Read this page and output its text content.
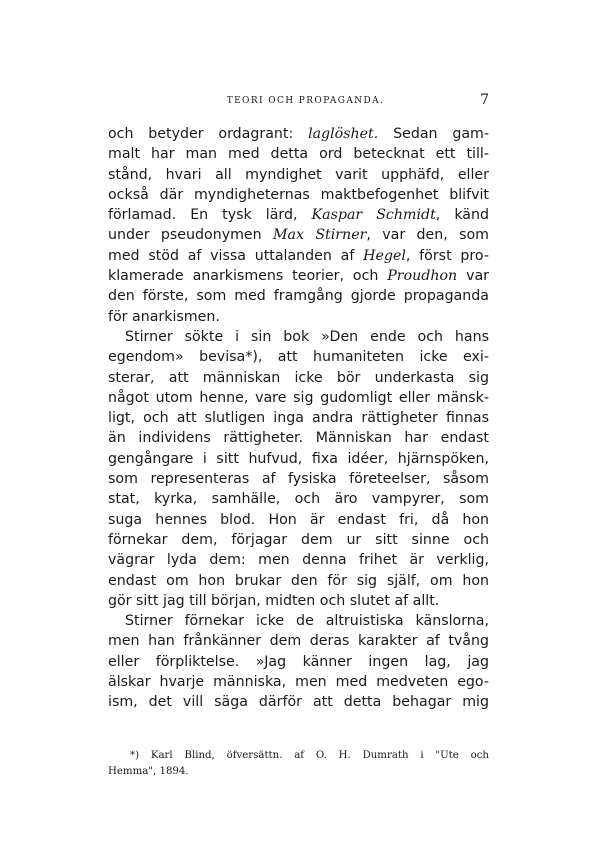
TEORI OCH PROPAGANDA.	7
och betyder ordagrant: laglöshet. Sedan gam-
malt har man med detta ord betecknat ett till-
stånd, hvari all myndighet varit upphäfd, eller
också där myndigheternas maktbefogenhet blifvit
förlamad. En tysk lärd, Kaspar Schmidt, känd
under pseudonymen Max Stirner, var den, som
med stöd af vissa uttalanden af Hegel, först pro-
klamerade anarkismens teorier, och Proudhon var
den förste, som med framgång gjorde propaganda
för anarkismen.
Stirner sökte i sin bok »Den ende och hans
egendom» bevisa*), att humaniteten icke exi-
sterar, att människan icke bör underkasta sig
något utom henne, vare sig gudomligt eller mänsk-
ligt, och att slutligen inga andra rättigheter finnas
än individens rättigheter. Människan har endast
gengångare i sitt hufvud, fixa idéer, hjärnspöken,
som representeras af fysiska företeelser, såsom
stat, kyrka, samhälle, och äro vampyrer, som
suga hennes blod. Hon är endast fri, då hon
förnekar dem, förjagar dem ur sitt sinne och
vägrar lyda dem: men denna frihet är verklig,
endast om hon brukar den för sig själf, om hon
gör sitt jag till början, midten och slutet af allt.
Stirner förnekar icke de altruistiska känslorna,
men han frånkänner dem deras karakter af tvång
eller förpliktelse. »Jag känner ingen lag, jag
älskar hvarje människa, men med medveten ego-
ism, det vill säga därför att detta behagar mig
*) Karl Blind, öfversättn. af O. H. Dumrath i "Ute och
Hemma", 1894.
